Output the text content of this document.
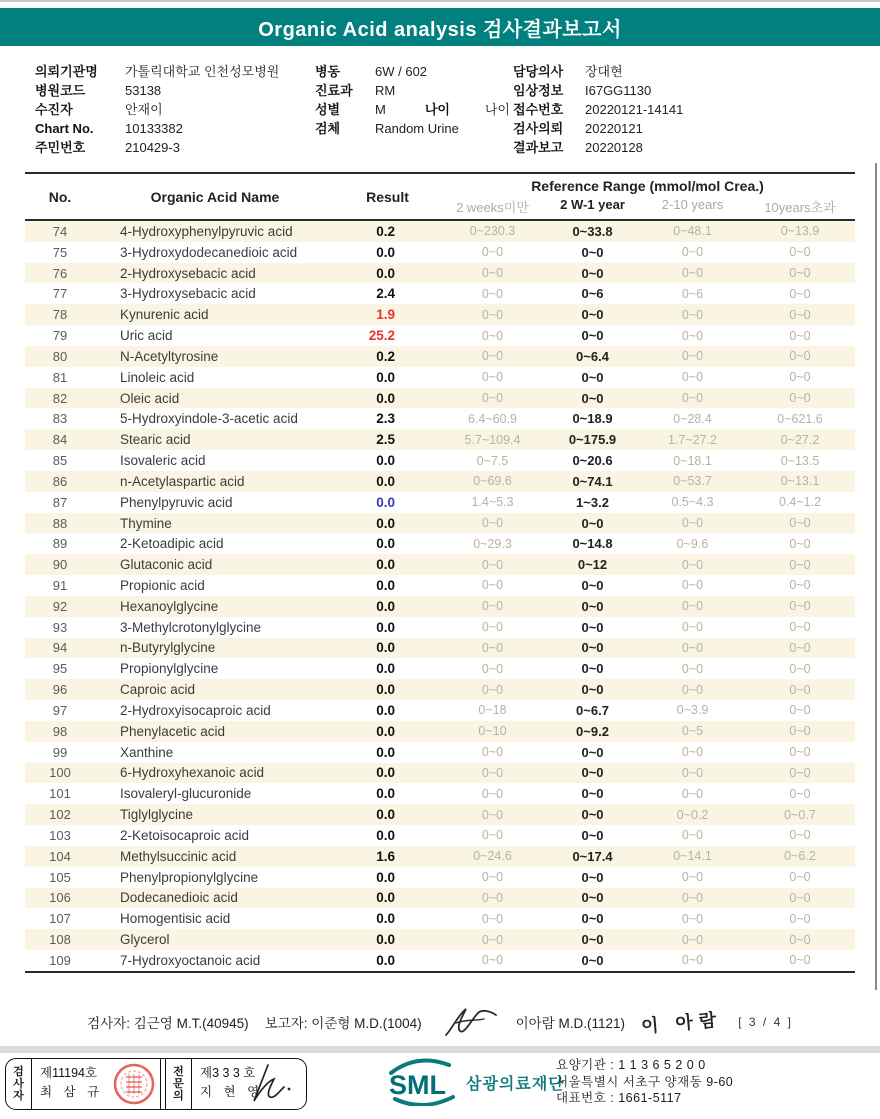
Organic Acid analysis 검사결과보고서
의뢰기관명	가톨릭대학교 인천성모병원
병원코드	53138
수진자	안재이
Chart No.	10133382
주민번호	210429-3
병동	6W / 602
진료과	RM
성별	M	나이	나이
검체	Random Urine
담당의사	장대현
임상정보	I67GG1130
접수번호	20220121-14141
검사의뢰	20220121
결과보고	20220128
No.	Organic Acid Name	Result
Reference Range (mmol/mol Crea.)
2 weeks미만	2 W-1 year	2-10 years	10years초과
74	4-Hydroxyphenylpyruvic acid	0.2	0~230.3	0~33.8	0~48.1	0~13.9
75	3-Hydroxydodecanedioic acid	0.0	0~0	0~0	0~0	0~0
76	2-Hydroxysebacic acid	0.0	0~0	0~0	0~0	0~0
77	3-Hydroxysebacic acid	2.4	0~0	0~6	0~6	0~0
78	Kynurenic acid	1.9	0~0	0~0	0~0	0~0
79	Uric acid	25.2	0~0	0~0	0~0	0~0
80	N-Acetyltyrosine	0.2	0~0	0~6.4	0~0	0~0
81	Linoleic acid	0.0	0~0	0~0	0~0	0~0
82	Oleic acid	0.0	0~0	0~0	0~0	0~0
83	5-Hydroxyindole-3-acetic acid	2.3	6.4~60.9	0~18.9	0~28.4	0~621.6
84	Stearic acid	2.5	5.7~109.4	0~175.9	1.7~27.2	0~27.2
85	Isovaleric acid	0.0	0~7.5	0~20.6	0~18.1	0~13.5
86	n-Acetylaspartic acid	0.0	0~69.6	0~74.1	0~53.7	0~13.1
87	Phenylpyruvic acid	0.0	1.4~5.3	1~3.2	0.5~4.3	0.4~1.2
88	Thymine	0.0	0~0	0~0	0~0	0~0
89	2-Ketoadipic acid	0.0	0~29.3	0~14.8	0~9.6	0~0
90	Glutaconic acid	0.0	0~0	0~12	0~0	0~0
91	Propionic acid	0.0	0~0	0~0	0~0	0~0
92	Hexanoylglycine	0.0	0~0	0~0	0~0	0~0
93	3-Methylcrotonylglycine	0.0	0~0	0~0	0~0	0~0
94	n-Butyrylglycine	0.0	0~0	0~0	0~0	0~0
95	Propionylglycine	0.0	0~0	0~0	0~0	0~0
96	Caproic acid	0.0	0~0	0~0	0~0	0~0
97	2-Hydroxyisocaproic acid	0.0	0~18	0~6.7	0~3.9	0~0
98	Phenylacetic acid	0.0	0~10	0~9.2	0~5	0~0
99	Xanthine	0.0	0~0	0~0	0~0	0~0
100	6-Hydroxyhexanoic acid	0.0	0~0	0~0	0~0	0~0
101	Isovaleryl-glucuronide	0.0	0~0	0~0	0~0	0~0
102	Tiglylglycine	0.0	0~0	0~0	0~0.2	0~0.7
103	2-Ketoisocaproic acid	0.0	0~0	0~0	0~0	0~0
104	Methylsuccinic acid	1.6	0~24.6	0~17.4	0~14.1	0~6.2
105	Phenylpropionylglycine	0.0	0~0	0~0	0~0	0~0
106	Dodecanedioic acid	0.0	0~0	0~0	0~0	0~0
107	Homogentisic acid	0.0	0~0	0~0	0~0	0~0
108	Glycerol	0.0	0~0	0~0	0~0	0~0
109	7-Hydroxyoctanoic acid	0.0	0~0	0~0	0~0	0~0
검사자: 김근영 M.T.(40945) 보고자: 이준형 M.D.(1004)	이아람 M.D.(1121) 이 아람 [ 3 / 4 ]
검사자
제11194호
최 삼 규
전문의
제3 3 3 호
지 현 영	SML 삼광의료재단
요양기관 : 1 1 3 6 5 2 0 0
서울특별시 서초구 양재동 9-60
대표번호 : 1661-5117
